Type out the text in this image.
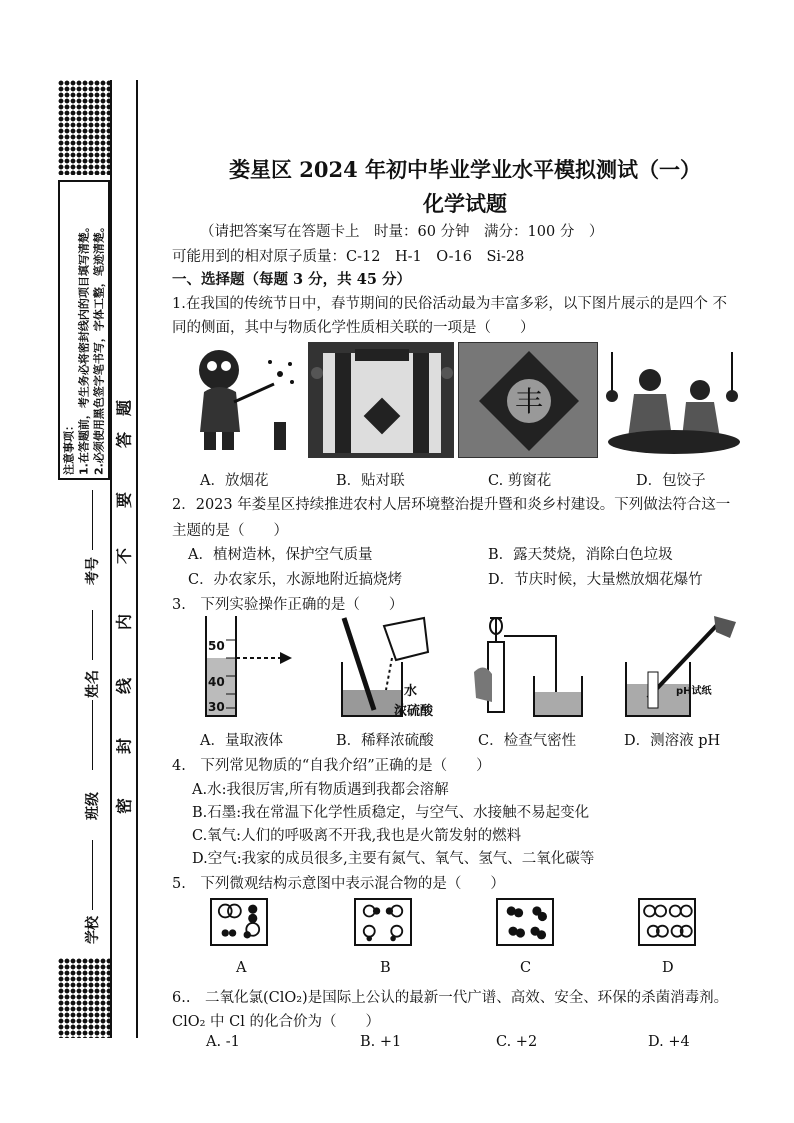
注意事项： 1.在答题前，考生务必将密封线内的项目填写清楚。 2.必须使用黑色签字笔书写，字体工整，笔迹清楚。
考号
姓名
班级
学校
题
答
要
不
内
线
封
密
娄星区 2024 年初中毕业学业水平模拟测试（一）
化学试题
（请把答案写在答题卡上　时量：60 分钟　满分：100 分　）
可能用到的相对原子质量：C-12　H-1　O-16　Si-28
一、选择题（每题 3 分，共 45 分）
1.在我国的传统节日中，春节期间的民俗活动最为丰富多彩，以下图片展示的是四个 不
同的侧面，其中与物质化学性质相关联的一项是（　　）
丰
A．放烟花	B．贴对联	C. 剪窗花	D．包饺子
2．2023 年娄星区持续推进农村人居环境整治提升暨和炎乡村建设。下列做法符合这一
主题的是（　　）
A．植树造林，保护空气质量	B．露天焚烧，消除白色垃圾
C．办农家乐，水源地附近搞烧烤	D．节庆时候，大量燃放烟花爆竹
3.　下列实验操作正确的是（　　）
50
40
30
水
浓硫酸
pH试纸
A．量取液体	B．稀释浓硫酸	C．检查气密性	D．测溶液 pH
4.　下列常见物质的“自我介绍”正确的是（　　）
A.水:我很厉害,所有物质遇到我都会溶解
B.石墨:我在常温下化学性质稳定，与空气、水接触不易起变化
C.氧气:人们的呼吸离不开我,我也是火箭发射的燃料
D.空气:我家的成员很多,主要有氮气、氧气、氢气、二氧化碳等
5.　下列微观结构示意图中表示混合物的是（　　）
A	B	C	D
6..　二氧化氯(ClO₂)是国际上公认的最新一代广谱、高效、安全、环保的杀菌消毒剂。
ClO₂ 中 Cl 的化合价为（　　）
A. -1	B. +1	C. +2	D. +4
